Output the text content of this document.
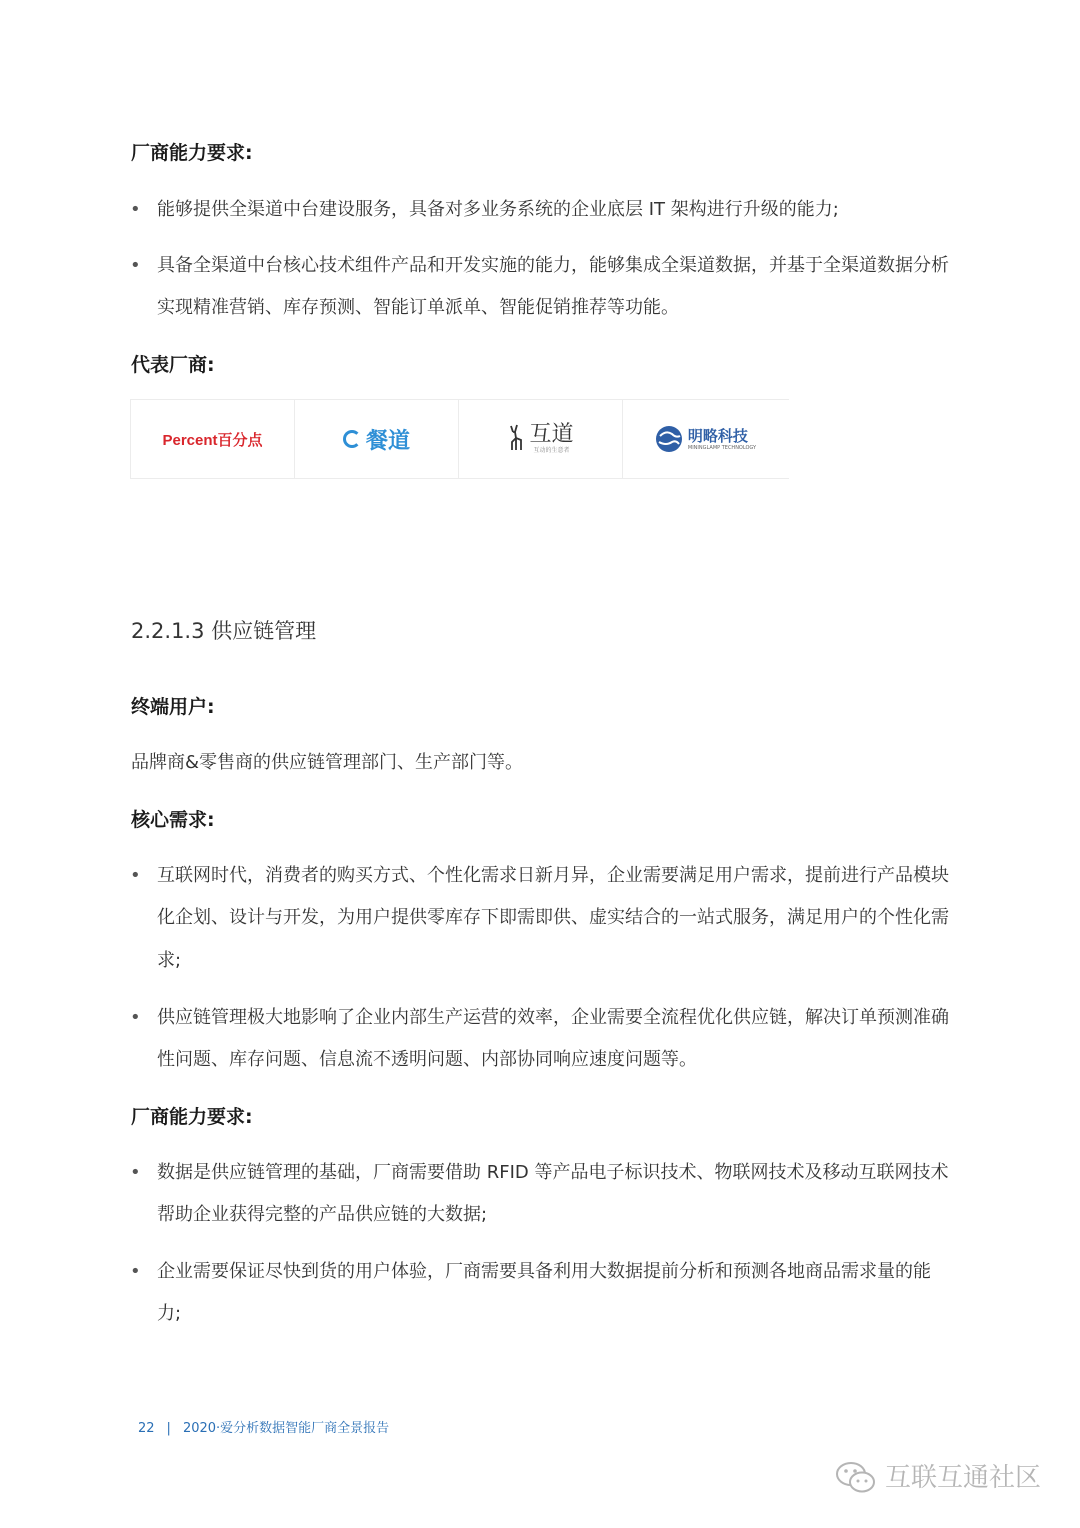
厂商能力要求:
• 能够提供全渠道中台建设服务，具备对多业务系统的企业底层 IT 架构进行升级的能力;
• 具备全渠道中台核心技术组件产品和开发实施的能力，能够集成全渠道数据，并基于全渠道数据分析
实现精准营销、库存预测、智能订单派单、智能促销推荐等功能。
代表厂商:
Percent百分点	餐道	互道
互动的生意者
明略科技
MININGLAMP TECHNOLOGY
2.2.1.3 供应链管理
终端用户:
品牌商&零售商的供应链管理部门、生产部门等。
核心需求:
• 互联网时代，消费者的购买方式、个性化需求日新月异，企业需要满足用户需求，提前进行产品模块
化企划、设计与开发，为用户提供零库存下即需即供、虚实结合的一站式服务，满足用户的个性化需
求;
• 供应链管理极大地影响了企业内部生产运营的效率，企业需要全流程优化供应链，解决订单预测准确
性问题、库存问题、信息流不透明问题、内部协同响应速度问题等。
厂商能力要求:
• 数据是供应链管理的基础，厂商需要借助 RFID 等产品电子标识技术、物联网技术及移动互联网技术
帮助企业获得完整的产品供应链的大数据;
• 企业需要保证尽快到货的用户体验，厂商需要具备利用大数据提前分析和预测各地商品需求量的能
力;
22 | 2020·爱分析数据智能厂商全景报告
互联互通社区
